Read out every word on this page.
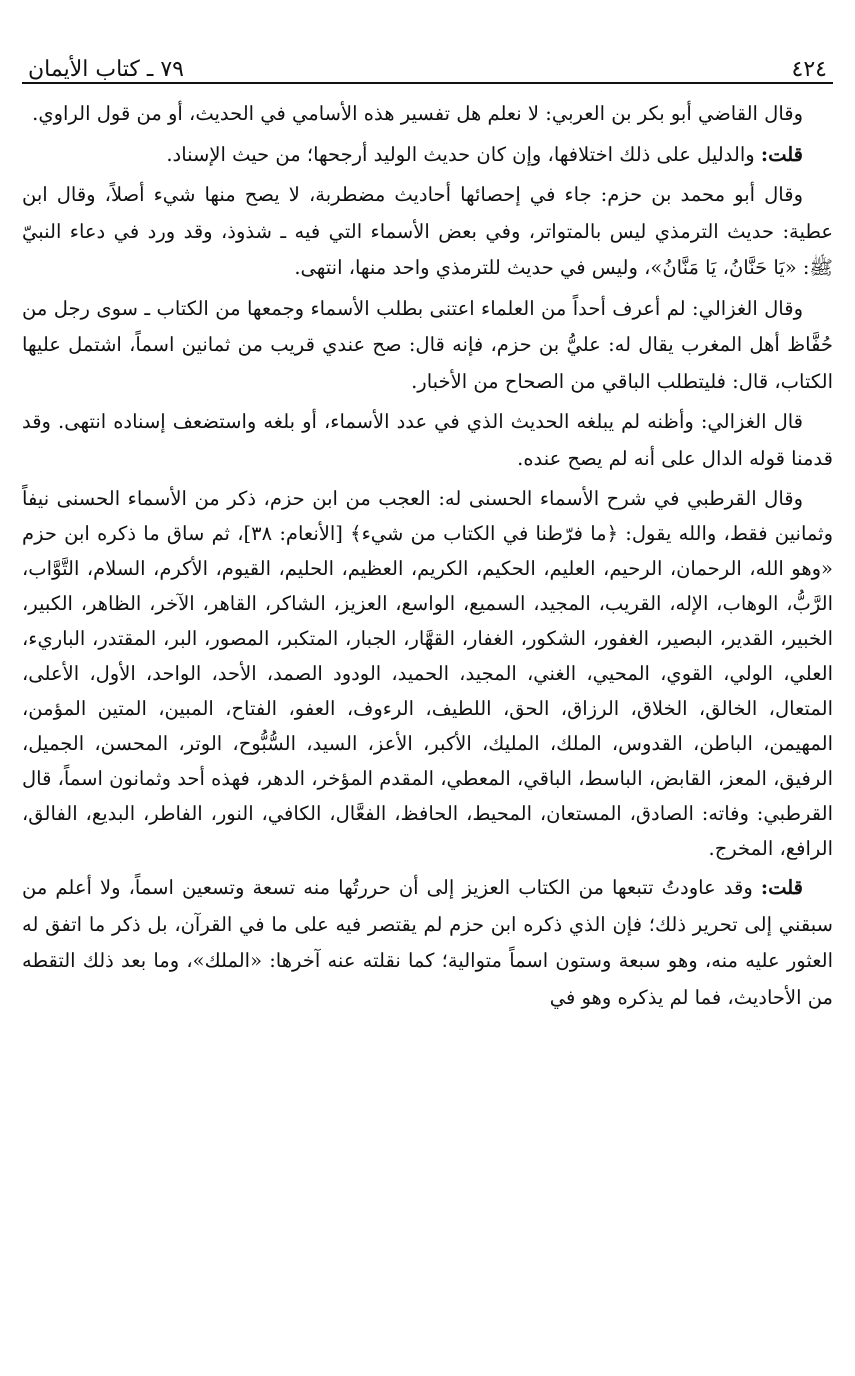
٤٢٤
٧٩ ـ كتاب الأيمان

وقال القاضي أبو بكر بن العربي: لا نعلم هل تفسير هذه الأسامي في الحديث، أو من قول الراوي.

قلت: والدليل على ذلك اختلافها، وإن كان حديث الوليد أرجحها؛ من حيث الإسناد.

وقال أبو محمد بن حزم: جاء في إحصائها أحاديث مضطربة، لا يصح منها شيء أصلاً، وقال ابن عطية: حديث الترمذي ليس بالمتواتر، وفي بعض الأسماء التي فيه ـ شذوذ، وقد ورد في دعاء النبيّ ﷺ: «يَا حَنَّانُ، يَا مَنَّانُ»، وليس في حديث للترمذي واحد منها، انتهى.

وقال الغزالي: لم أعرف أحداً من العلماء اعتنى بطلب الأسماء وجمعها من الكتاب ـ سوى رجل من حُفَّاظ أهل المغرب يقال له: عليُّ بن حزم، فإنه قال: صح عندي قريب من ثمانين اسماً، اشتمل عليها الكتاب، قال: فليتطلب الباقي من الصحاح من الأخبار.

قال الغزالي: وأظنه لم يبلغه الحديث الذي في عدد الأسماء، أو بلغه واستضعف إسناده انتهى. وقد قدمنا قوله الدال على أنه لم يصح عنده.

وقال القرطبي في شرح الأسماء الحسنى له: العجب من ابن حزم، ذكر من الأسماء الحسنى نيفاً وثمانين فقط، والله يقول: ﴿ما فرّطنا في الكتاب من شيء﴾ [الأنعام: ٣٨]، ثم ساق ما ذكره ابن حزم «وهو الله، الرحمان، الرحيم، العليم، الحكيم، الكريم، العظيم، الحليم، القيوم، الأكرم، السلام، التَّوَّاب، الرَّبُّ، الوهاب، الإله، القريب، المجيد، السميع، الواسع، العزيز، الشاكر، القاهر، الآخر، الظاهر، الكبير، الخبير، القدير، البصير، الغفور، الشكور، الغفار، القهَّار، الجبار، المتكبر، المصور، البر، المقتدر، الباريء، العلي، الولي، القوي، المحيي، الغني، المجيد، الحميد، الودود الصمد، الأحد، الواحد، الأول، الأعلى، المتعال، الخالق، الخلاق، الرزاق، الحق، اللطيف، الرءوف، العفو، الفتاح، المبين، المتين المؤمن، المهيمن، الباطن، القدوس، الملك، المليك، الأكبر، الأعز، السيد، السُّبُّوح، الوتر، المحسن، الجميل، الرفيق، المعز، القابض، الباسط، الباقي، المعطي، المقدم المؤخر، الدهر، فهذه أحد وثمانون اسماً، قال القرطبي: وفاته: الصادق، المستعان، المحيط، الحافظ، الفعَّال، الكافي، النور، الفاطر، البديع، الفالق، الرافع، المخرج.

قلت: وقد عاودتُ تتبعها من الكتاب العزيز إلى أن حررتُها منه تسعة وتسعين اسماً، ولا أعلم من سبقني إلى تحرير ذلك؛ فإن الذي ذكره ابن حزم لم يقتصر فيه على ما في القرآن، بل ذكر ما اتفق له العثور عليه منه، وهو سبعة وستون اسماً متوالية؛ كما نقلته عنه آخرها: «الملك»، وما بعد ذلك التقطه من الأحاديث، فما لم يذكره وهو في
